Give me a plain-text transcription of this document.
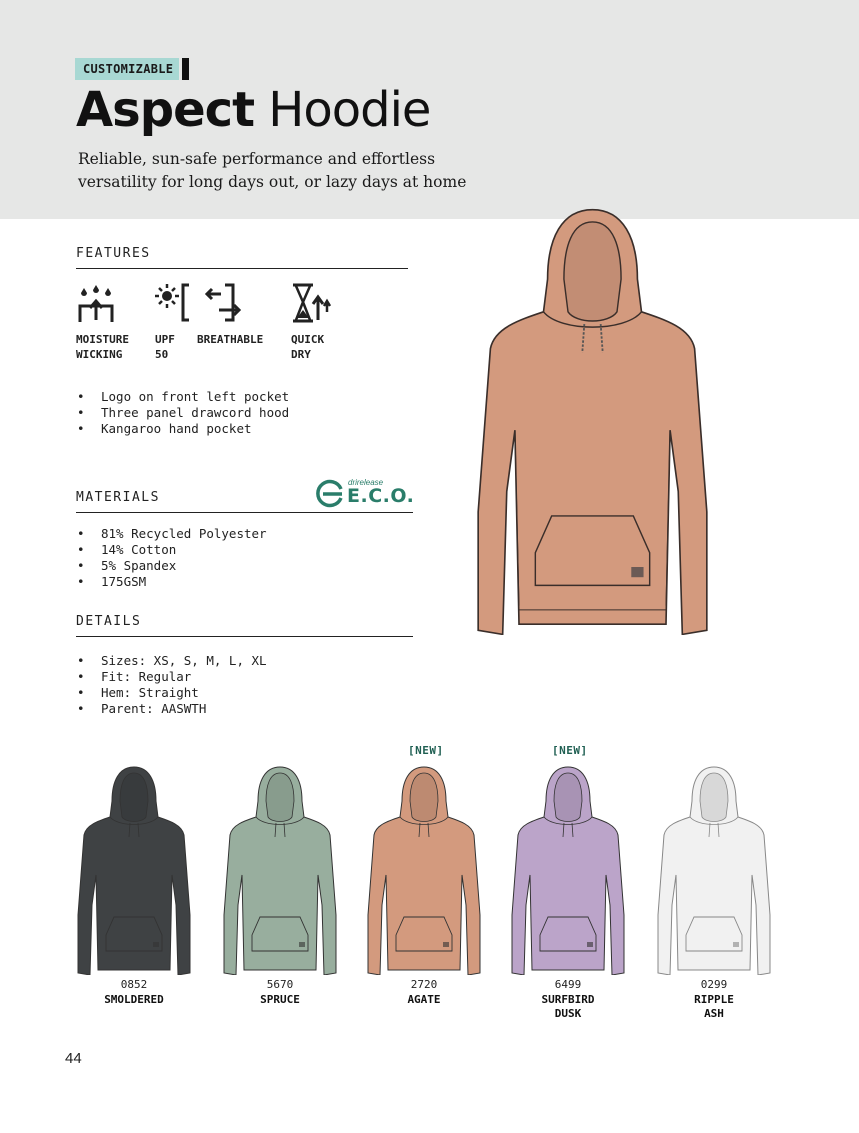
CUSTOMIZABLE
Aspect Hoodie
Reliable, sun-safe performance and effortless versatility for long days out, or lazy days at home
FEATURES
MOISTURE
WICKING
UPF
50
BREATHABLE	QUICK
DRY
• Logo on front left pocket
• Three panel drawcord hood
• Kangaroo hand pocket
MATERIALS
drirelease
E.C.O.
• 81% Recycled Polyester
• 14% Cotton
• 5% Spandex
• 175GSM
DETAILS
• Sizes: XS, S, M, L, XL
• Fit: Regular
• Hem: Straight
• Parent: AASWTH
0852
SMOLDERED
5670
SPRUCE
[NEW]
2720
AGATE
[NEW]
6499
SURFBIRD
DUSK
0299
RIPPLE
ASH
44
